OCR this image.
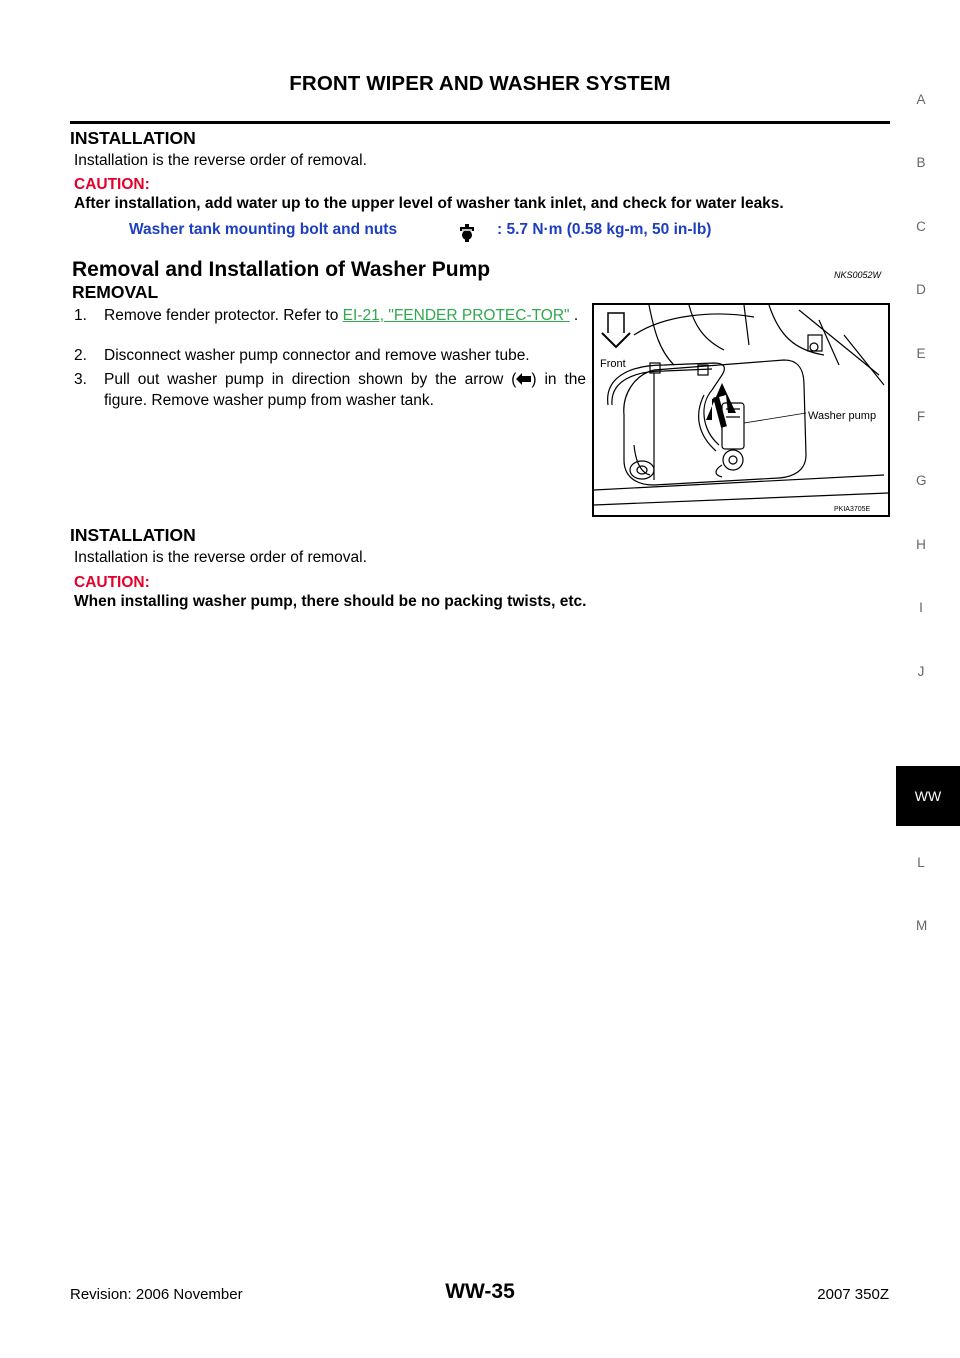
FRONT WIPER AND WASHER SYSTEM
INSTALLATION
Installation is the reverse order of removal.
CAUTION:
After installation, add water up to the upper level of washer tank inlet, and check for water leaks.
Washer tank mounting bolt and nuts	: 5.7 N·m (0.58 kg-m, 50 in-lb)
Removal and Installation of Washer Pump	NKS0052W
REMOVAL
1.	Remove fender protector. Refer to EI-21, "FENDER PROTEC-TOR" .
2.	Disconnect washer pump connector and remove washer tube.
3.	Pull out washer pump in direction shown by the arrow ( ) in the figure. Remove washer pump from washer tank.
Front
Washer pump
PKIA3705E
INSTALLATION
Installation is the reverse order of removal.
CAUTION:
When installing washer pump, there should be no packing twists, etc.
A
B
C
D
E
F
G
H
I
J
WW
L
M
Revision: 2006 November	WW-35	2007 350Z
